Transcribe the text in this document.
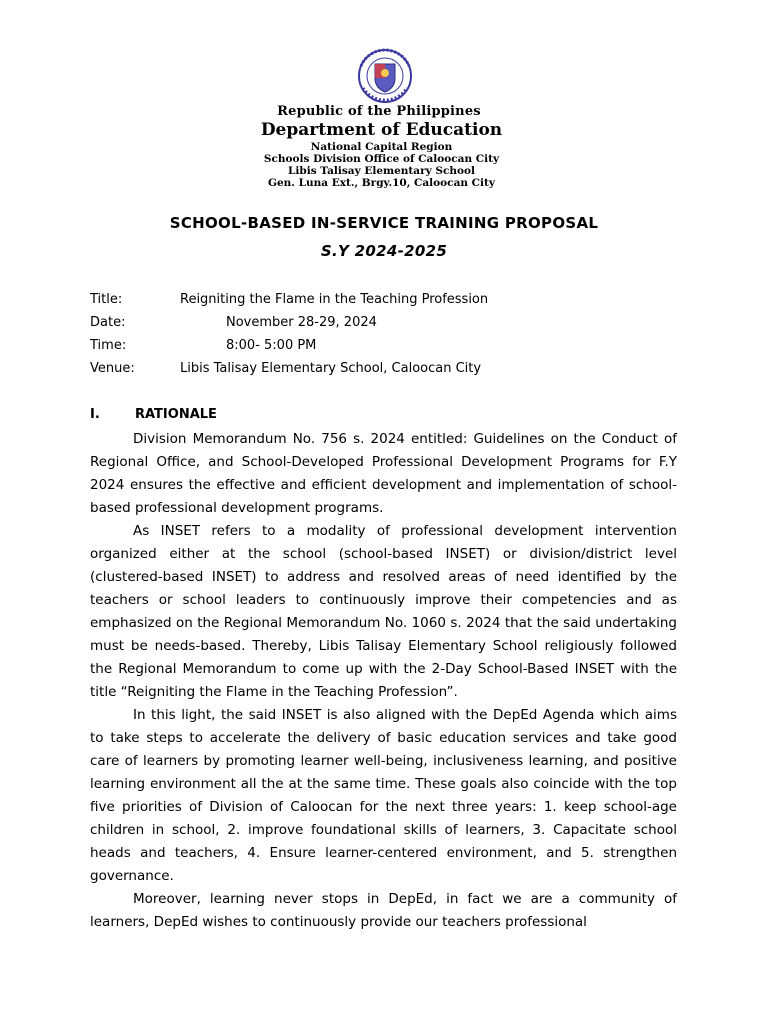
Republic of the Philippines
Department of Education
National Capital Region
Schools Division Office of Caloocan City
Libis Talisay Elementary School
Gen. Luna Ext., Brgy.10, Caloocan City
SCHOOL-BASED IN-SERVICE TRAINING PROPOSAL
S.Y 2024-2025
Title:	Reigniting the Flame in the Teaching Profession
Date:	November 28-29, 2024
Time:	8:00- 5:00 PM
Venue:	Libis Talisay Elementary School, Caloocan City
I.	RATIONALE

Division Memorandum No. 756 s. 2024 entitled: Guidelines on the Conduct of Regional Office, and School-Developed Professional Development Programs for F.Y 2024 ensures the effective and efficient development and implementation of school-based professional development programs.

As INSET refers to a modality of professional development intervention organized either at the school (school-based INSET) or division/district level (clustered-based INSET) to address and resolved areas of need identified by the teachers or school leaders to continuously improve their competencies and as emphasized on the Regional Memorandum No. 1060 s. 2024 that the said undertaking must be needs-based. Thereby, Libis Talisay Elementary School religiously followed the Regional Memorandum to come up with the 2-Day School-Based INSET with the title “Reigniting the Flame in the Teaching Profession”.

In this light, the said INSET is also aligned with the DepEd Agenda which aims to take steps to accelerate the delivery of basic education services and take good care of learners by promoting learner well-being, inclusiveness learning, and positive learning environment all the at the same time. These goals also coincide with the top five priorities of Division of Caloocan for the next three years: 1. keep school-age children in school, 2. improve foundational skills of learners, 3. Capacitate school heads and teachers, 4. Ensure learner-centered environment, and 5. strengthen governance.

Moreover, learning never stops in DepEd, in fact we are a community of learners, DepEd wishes to continuously provide our teachers professional
